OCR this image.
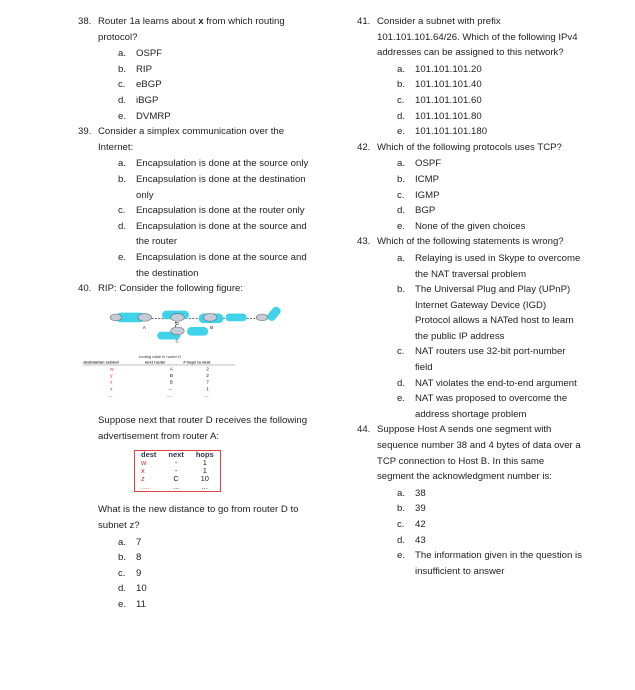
38. Router 1a learns about x from which routing protocol?
a. OSPF
b. RIP
c. eBGP
d. iBGP
e. DVMRP
39. Consider a simplex communication over the Internet:
a. Encapsulation is done at the source only
b. Encapsulation is done at the destination only
c. Encapsulation is done at the router only
d. Encapsulation is done at the source and the router
e. Encapsulation is done at the source and the destination
40. RIP: Consider the following figure:
A
D
B
C
routing table in router D
destination subnet	next router	# hops to dest
w	A	2
y	B	2
z	B	7
x	--	1
....	....	....
Suppose next that router D receives the following advertisement from router A:
dest	next	hops
w	-	1
x	-	1
z	C	10
....	...	...
What is the new distance to go from router D to subnet z?
a. 7
b. 8
c. 9
d. 10
e. 11
41. Consider a subnet with prefix 101.101.101.64/26. Which of the following IPv4 addresses can be assigned to this network?
a. 101.101.101.20
b. 101.101.101.40
c. 101.101.101.60
d. 101.101.101.80
e. 101.101.101.180
42. Which of the following protocols uses TCP?
a. OSPF
b. ICMP
c. IGMP
d. BGP
e. None of the given choices
43. Which of the following statements is wrong?
a. Relaying is used in Skype to overcome the NAT traversal problem
b. The Universal Plug and Play (UPnP) Internet Gateway Device (IGD) Protocol allows a NATed host to learn the public IP address
c. NAT routers use 32-bit port-number field
d. NAT violates the end-to-end argument
e. NAT was proposed to overcome the address shortage problem
44. Suppose Host A sends one segment with sequence number 38 and 4 bytes of data over a TCP connection to Host B. In this same segment the acknowledgment number is:
a. 38
b. 39
c. 42
d. 43
e. The information given in the question is insufficient to answer
